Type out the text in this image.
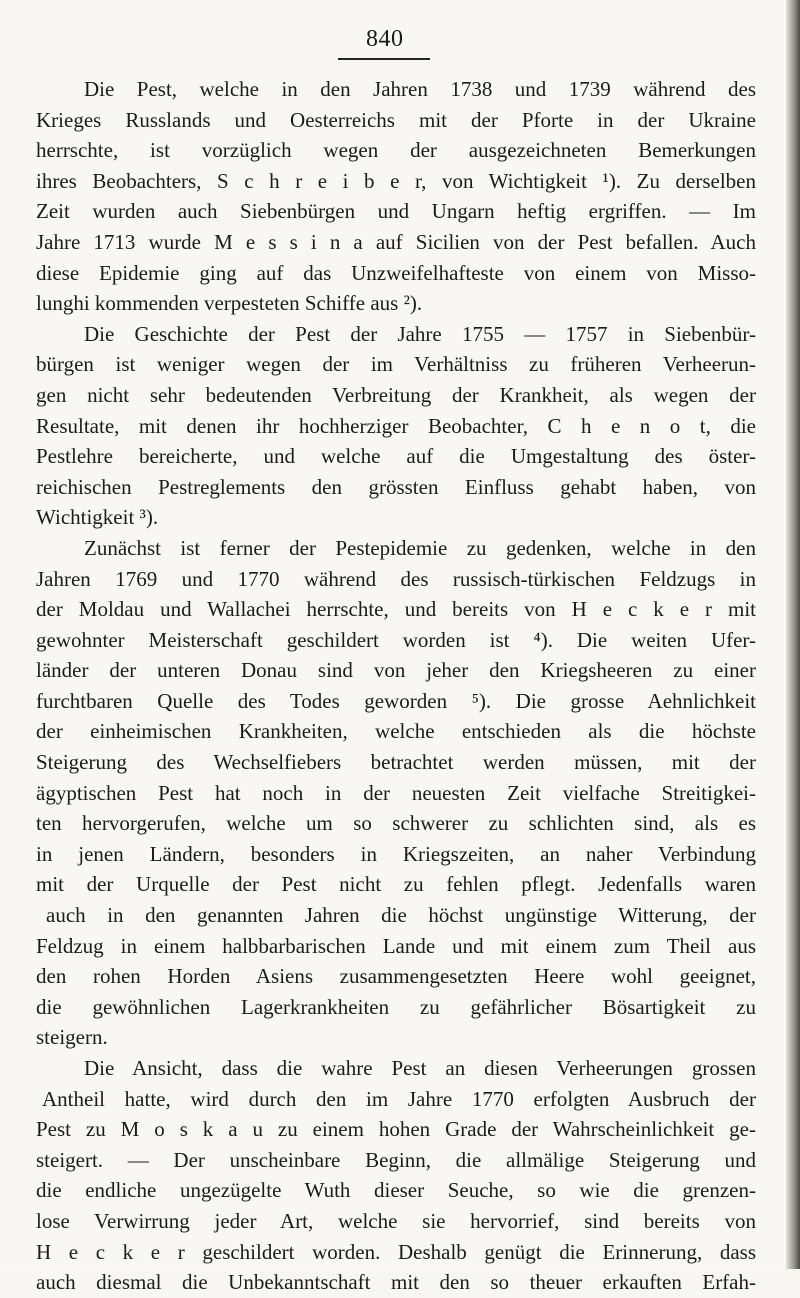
840
Die Pest, welche in den Jahren 1738 und 1739 während des
Krieges Russlands und Oesterreichs mit der Pforte in der Ukraine
herrschte, ist vorzüglich wegen der ausgezeichneten Bemerkungen
ihres Beobachters, S c h r e i b e r, von Wichtigkeit ¹). Zu derselben
Zeit wurden auch Siebenbürgen und Ungarn heftig ergriffen. — Im
Jahre 1713 wurde M e s s i n a auf Sicilien von der Pest befallen. Auch
diese Epidemie ging auf das Unzweifelhafteste von einem von Misso-
lunghi kommenden verpesteten Schiffe aus ²).
Die Geschichte der Pest der Jahre 1755 — 1757 in Siebenbür-
bürgen ist weniger wegen der im Verhältniss zu früheren Verheerun-
gen nicht sehr bedeutenden Verbreitung der Krankheit, als wegen der
Resultate, mit denen ihr hochherziger Beobachter, C h e n o t, die
Pestlehre bereicherte, und welche auf die Umgestaltung des öster-
reichischen Pestreglements den grössten Einfluss gehabt haben, von
Wichtigkeit ³).
Zunächst ist ferner der Pestepidemie zu gedenken, welche in den
Jahren 1769 und 1770 während des russisch-türkischen Feldzugs in
der Moldau und Wallachei herrschte, und bereits von H e c k e r mit
gewohnter Meisterschaft geschildert worden ist ⁴). Die weiten Ufer-
länder der unteren Donau sind von jeher den Kriegsheeren zu einer
furchtbaren Quelle des Todes geworden ⁵). Die grosse Aehnlichkeit
der einheimischen Krankheiten, welche entschieden als die höchste
Steigerung des Wechselfiebers betrachtet werden müssen, mit der
ägyptischen Pest hat noch in der neuesten Zeit vielfache Streitigkei-
ten hervorgerufen, welche um so schwerer zu schlichten sind, als es
in jenen Ländern, besonders in Kriegszeiten, an naher Verbindung
mit der Urquelle der Pest nicht zu fehlen pflegt. Jedenfalls waren
auch in den genannten Jahren die höchst ungünstige Witterung, der
Feldzug in einem halbbarbarischen Lande und mit einem zum Theil aus
den rohen Horden Asiens zusammengesetzten Heere wohl geeignet,
die gewöhnlichen Lagerkrankheiten zu gefährlicher Bösartigkeit zu
steigern.
Die Ansicht, dass die wahre Pest an diesen Verheerungen grossen
Antheil hatte, wird durch den im Jahre 1770 erfolgten Ausbruch der
Pest zu M o s k a u zu einem hohen Grade der Wahrscheinlichkeit ge-
steigert. — Der unscheinbare Beginn, die allmälige Steigerung und
die endliche ungezügelte Wuth dieser Seuche, so wie die grenzen-
lose Verwirrung jeder Art, welche sie hervorrief, sind bereits von
H e c k e r geschildert worden. Deshalb genügt die Erinnerung, dass
auch diesmal die Unbekanntschaft mit den so theuer erkauften Erfah-
